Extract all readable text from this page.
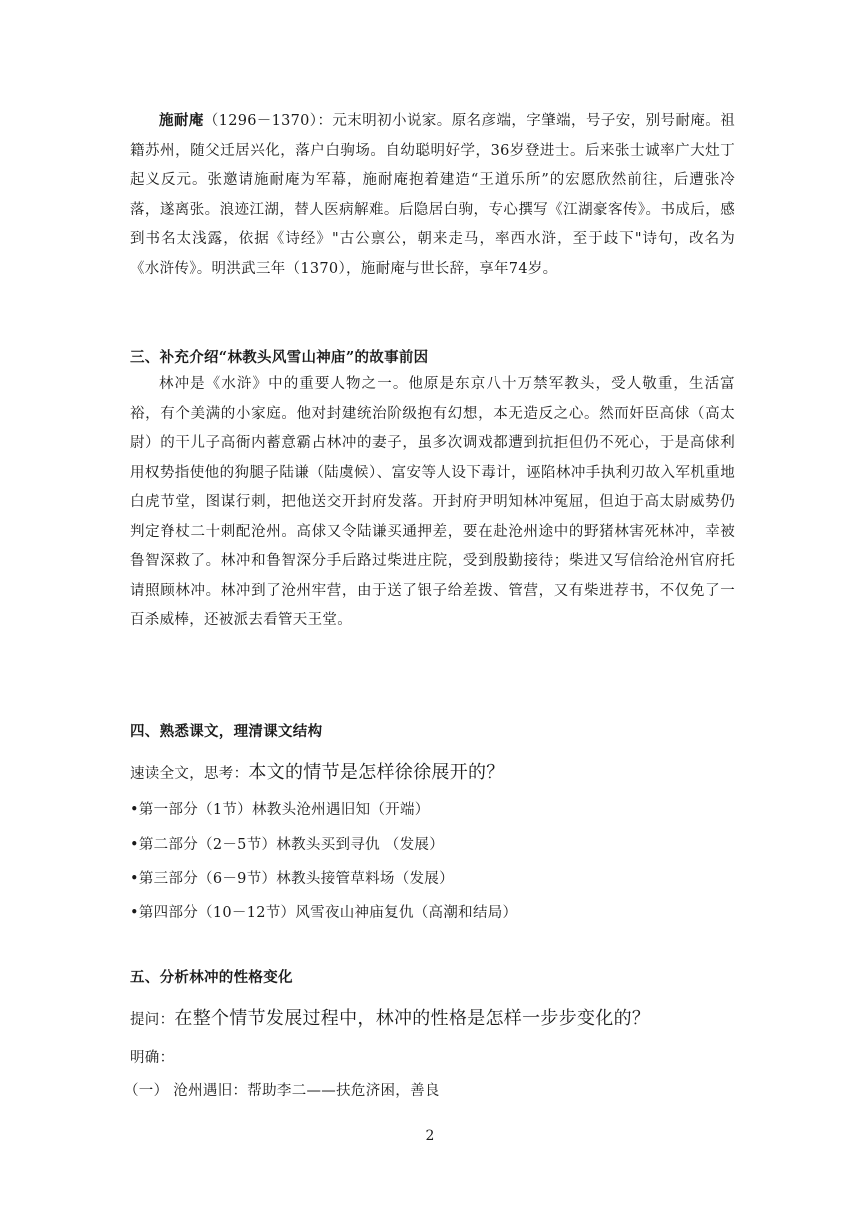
施耐庵（1296－1370）：元末明初小说家。原名彦端，字肇端，号子安，别号耐庵。祖籍苏州，随父迁居兴化，落户白驹场。自幼聪明好学，36岁登进士。后来张士诚率广大灶丁起义反元。张邀请施耐庵为军幕，施耐庵抱着建造“王道乐所”的宏愿欣然前往，后遭张冷落，遂离张。浪迹江湖，替人医病解难。后隐居白驹，专心撰写《江湖豪客传》。书成后，感到书名太浅露，依据《诗经》"古公禀公，朝来走马，率西水浒，至于歧下"诗句，改名为《水浒传》。明洪武三年（1370），施耐庵与世长辞，享年74岁。

三、补充介绍“林教头风雪山神庙”的故事前因

林冲是《水浒》中的重要人物之一。他原是东京八十万禁军教头，受人敬重，生活富裕，有个美满的小家庭。他对封建统治阶级抱有幻想，本无造反之心。然而奸臣高俅（高太尉）的干儿子高衙内蓄意霸占林冲的妻子，虽多次调戏都遭到抗拒但仍不死心，于是高俅利用权势指使他的狗腿子陆谦（陆虞候）、富安等人设下毒计，诬陷林冲手执利刃故入军机重地白虎节堂，图谋行刺，把他送交开封府发落。开封府尹明知林冲冤屈，但迫于高太尉威势仍判定脊杖二十刺配沧州。高俅又令陆谦买通押差，要在赴沧州途中的野猪林害死林冲，幸被鲁智深救了。林冲和鲁智深分手后路过柴进庄院，受到殷勤接待；柴进又写信给沧州官府托请照顾林冲。林冲到了沧州牢营，由于送了银子给差拨、管营，又有柴进荐书，不仅免了一百杀威棒，还被派去看管天王堂。

四、熟悉课文，理清课文结构

速读全文，思考：本文的情节是怎样徐徐展开的？

•第一部分（1节）林教头沧州遇旧知（开端）

•第二部分（2－5节）林教头买到寻仇 （发展）

•第三部分（6－9节）林教头接管草料场（发展）

•第四部分（10－12节）风雪夜山神庙复仇（高潮和结局）

五、分析林冲的性格变化

提问：在整个情节发展过程中，林冲的性格是怎样一步步变化的？

明确：

（一） 沧州遇旧：帮助李二——扶危济困，善良

2
